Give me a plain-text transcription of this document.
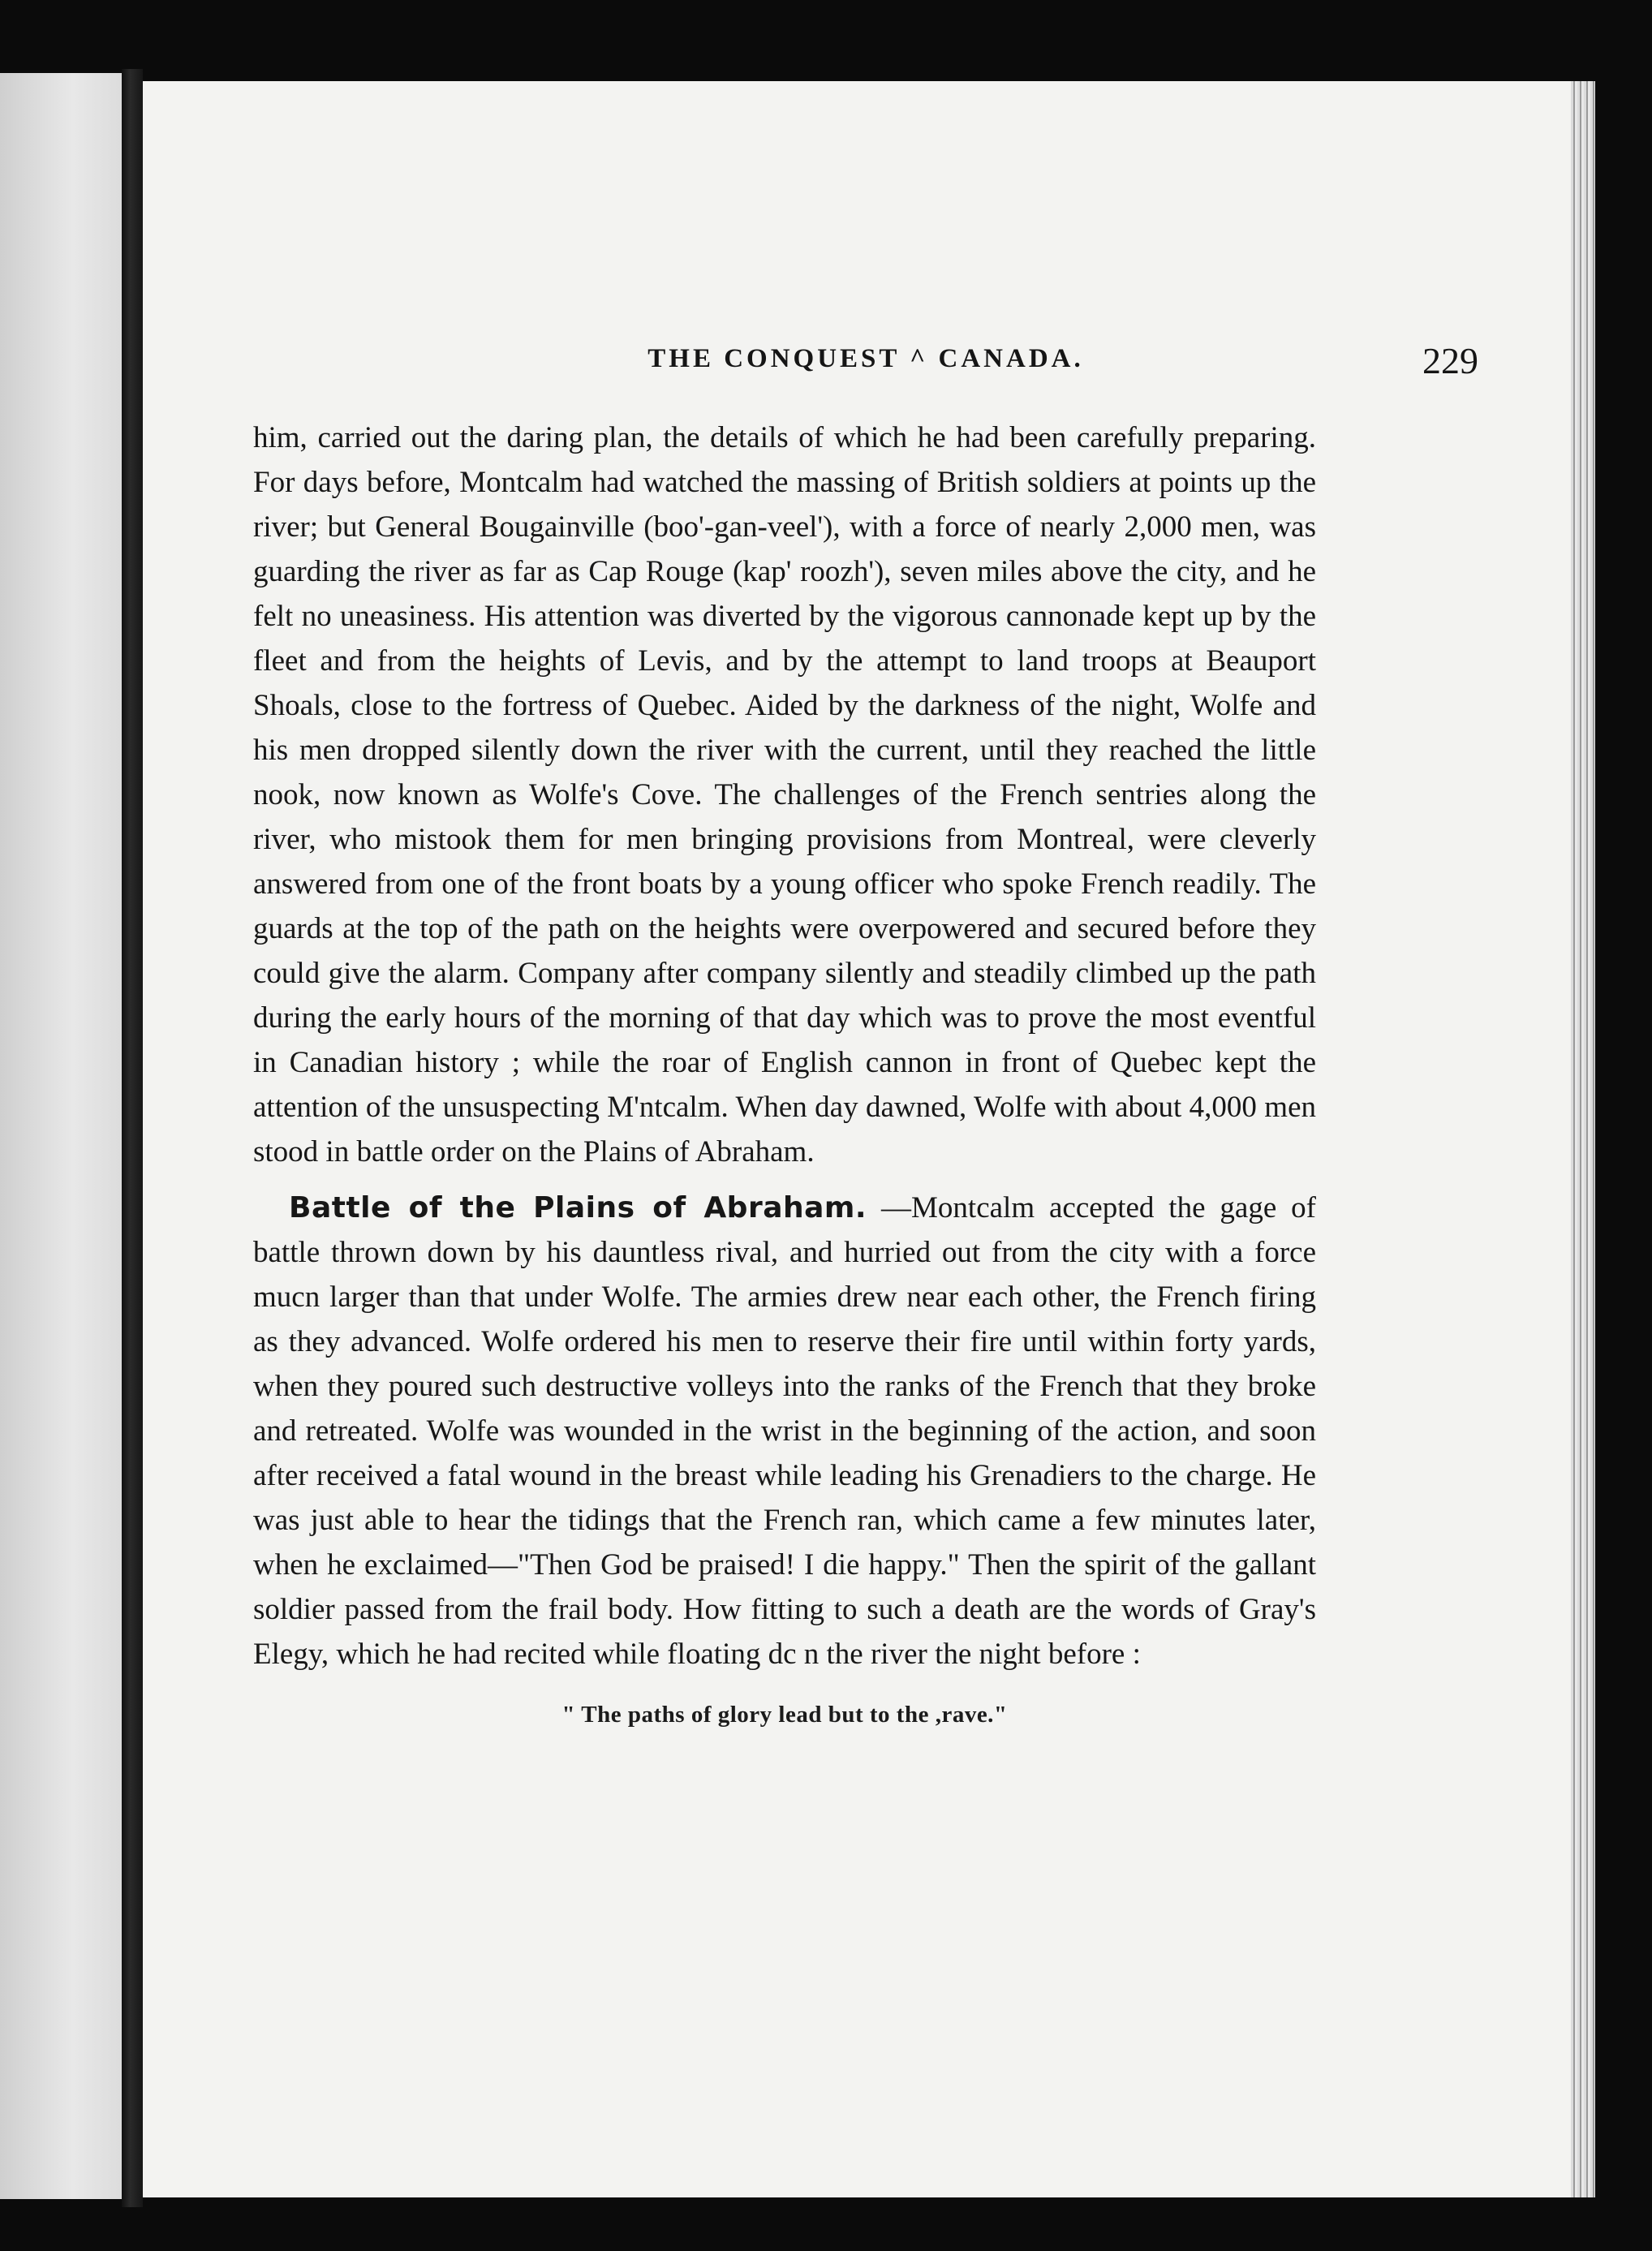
THE CONQUEST ^ CANADA.	229

him, carried out the daring plan, the details of which he had been carefully preparing. For days before, Montcalm had watched the massing of British soldiers at points up the river; but General Bougainville (boo'-gan-veel'), with a force of nearly 2,000 men, was guarding the river as far as Cap Rouge (kap' roozh'), seven miles above the city, and he felt no uneasiness. His attention was diverted by the vigorous cannonade kept up by the fleet and from the heights of Levis, and by the attempt to land troops at Beauport Shoals, close to the fortress of Quebec. Aided by the darkness of the night, Wolfe and his men dropped silently down the river with the current, until they reached the little nook, now known as Wolfe's Cove. The challenges of the French sentries along the river, who mistook them for men bringing provisions from Montreal, were cleverly answered from one of the front boats by a young officer who spoke French readily. The guards at the top of the path on the heights were overpowered and secured before they could give the alarm. Company after company silently and steadily climbed up the path during the early hours of the morning of that day which was to prove the most eventful in Canadian history ; while the roar of English cannon in front of Quebec kept the attention of the unsuspecting M'ntcalm. When day dawned, Wolfe with about 4,000 men stood in battle order on the Plains of Abraham.

Battle of the Plains of Abraham. —Montcalm accepted the gage of battle thrown down by his dauntless rival, and hurried out from the city with a force mucn larger than that under Wolfe. The armies drew near each other, the French firing as they advanced. Wolfe ordered his men to reserve their fire until within forty yards, when they poured such destructive volleys into the ranks of the French that they broke and retreated. Wolfe was wounded in the wrist in the beginning of the action, and soon after received a fatal wound in the breast while leading his Grenadiers to the charge. He was just able to hear the tidings that the French ran, which came a few minutes later, when he exclaimed—"Then God be praised! I die happy." Then the spirit of the gallant soldier passed from the frail body. How fitting to such a death are the words of Gray's Elegy, which he had recited while floating dc n the river the night before :

" The paths of glory lead but to the ,rave."
